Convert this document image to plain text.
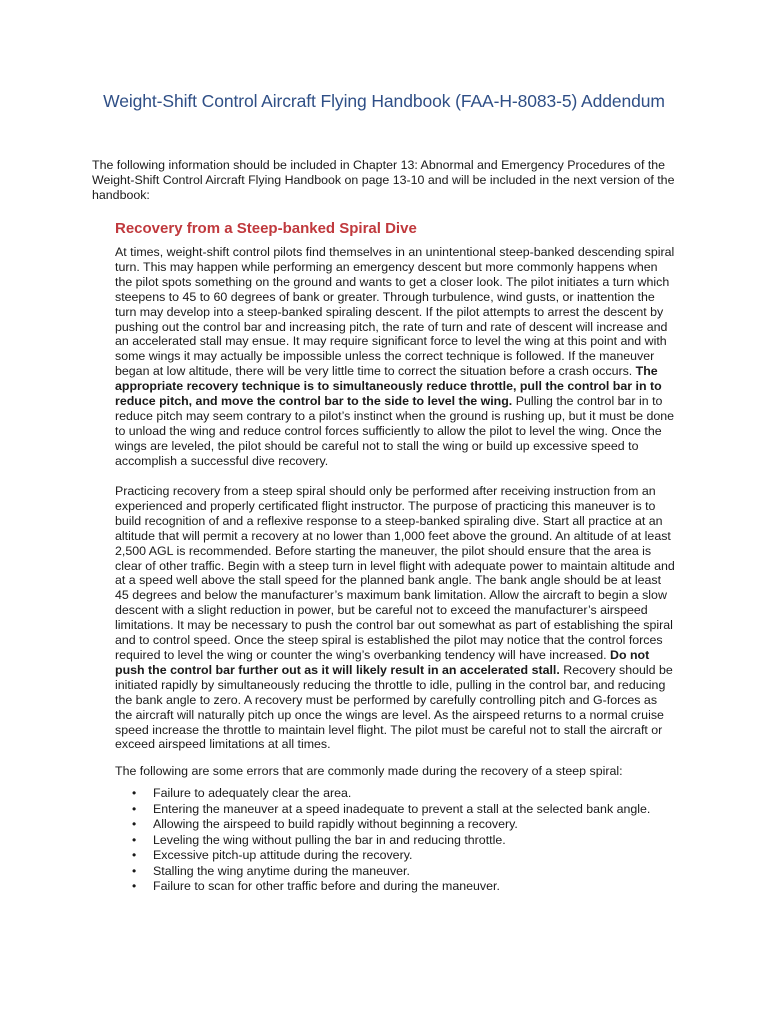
Weight-Shift Control Aircraft Flying Handbook (FAA-H-8083-5) Addendum

The following information should be included in Chapter 13: Abnormal and Emergency Procedures of the Weight-Shift Control Aircraft Flying Handbook on page 13-10 and will be included in the next version of the handbook:

Recovery from a Steep-banked Spiral Dive

At times, weight-shift control pilots find themselves in an unintentional steep-banked descending spiral turn. This may happen while performing an emergency descent but more commonly happens when the pilot spots something on the ground and wants to get a closer look. The pilot initiates a turn which steepens to 45 to 60 degrees of bank or greater. Through turbulence, wind gusts, or inattention the turn may develop into a steep-banked spiraling descent. If the pilot attempts to arrest the descent by pushing out the control bar and increasing pitch, the rate of turn and rate of descent will increase and an accelerated stall may ensue. It may require significant force to level the wing at this point and with some wings it may actually be impossible unless the correct technique is followed. If the maneuver began at low altitude, there will be very little time to correct the situation before a crash occurs. The appropriate recovery technique is to simultaneously reduce throttle, pull the control bar in to reduce pitch, and move the control bar to the side to level the wing. Pulling the control bar in to reduce pitch may seem contrary to a pilot’s instinct when the ground is rushing up, but it must be done to unload the wing and reduce control forces sufficiently to allow the pilot to level the wing. Once the wings are leveled, the pilot should be careful not to stall the wing or build up excessive speed to accomplish a successful dive recovery.

Practicing recovery from a steep spiral should only be performed after receiving instruction from an experienced and properly certificated flight instructor. The purpose of practicing this maneuver is to build recognition of and a reflexive response to a steep-banked spiraling dive. Start all practice at an altitude that will permit a recovery at no lower than 1,000 feet above the ground. An altitude of at least 2,500 AGL is recommended. Before starting the maneuver, the pilot should ensure that the area is clear of other traffic. Begin with a steep turn in level flight with adequate power to maintain altitude and at a speed well above the stall speed for the planned bank angle. The bank angle should be at least 45 degrees and below the manufacturer’s maximum bank limitation. Allow the aircraft to begin a slow descent with a slight reduction in power, but be careful not to exceed the manufacturer’s airspeed limitations. It may be necessary to push the control bar out somewhat as part of establishing the spiral and to control speed. Once the steep spiral is established the pilot may notice that the control forces required to level the wing or counter the wing’s overbanking tendency will have increased. Do not push the control bar further out as it will likely result in an accelerated stall. Recovery should be initiated rapidly by simultaneously reducing the throttle to idle, pulling in the control bar, and reducing the bank angle to zero. A recovery must be performed by carefully controlling pitch and G-forces as the aircraft will naturally pitch up once the wings are level. As the airspeed returns to a normal cruise speed increase the throttle to maintain level flight. The pilot must be careful not to stall the aircraft or exceed airspeed limitations at all times.

The following are some errors that are commonly made during the recovery of a steep spiral:

• Failure to adequately clear the area.
• Entering the maneuver at a speed inadequate to prevent a stall at the selected bank angle.
• Allowing the airspeed to build rapidly without beginning a recovery.
• Leveling the wing without pulling the bar in and reducing throttle.
• Excessive pitch-up attitude during the recovery.
• Stalling the wing anytime during the maneuver.
• Failure to scan for other traffic before and during the maneuver.
